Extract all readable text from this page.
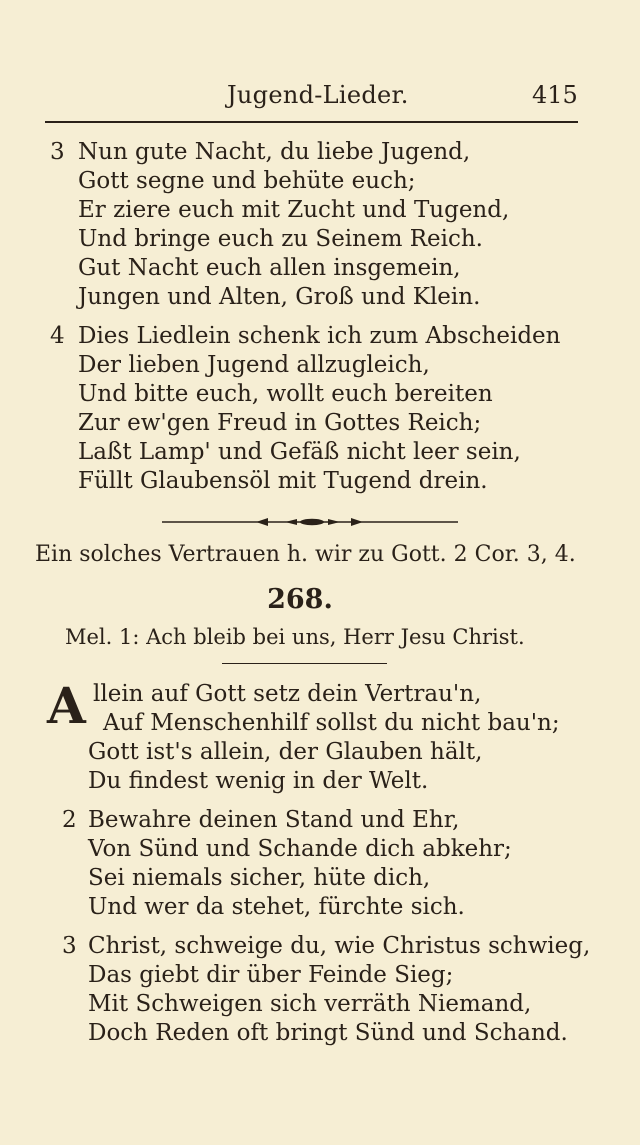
Jugend-Lieder.	415
3 Nun gute Nacht, du liebe Jugend,
Gott segne und behüte euch;
Er ziere euch mit Zucht und Tugend,
Und bringe euch zu Seinem Reich.
Gut Nacht euch allen insgemein,
Jungen und Alten, Groß und Klein.
4 Dies Liedlein schenk ich zum Abscheiden
Der lieben Jugend allzugleich,
Und bitte euch, wollt euch bereiten
Zur ew'gen Freud in Gottes Reich;
Laßt Lamp' und Gefäß nicht leer sein,
Füllt Glaubensöl mit Tugend drein.
Ein solches Vertrauen h. wir zu Gott. 2 Cor. 3, 4.
268.
Mel. 1: Ach bleib bei uns, Herr Jesu Christ.
A llein auf Gott setz dein Vertrau'n,
Auf Menschenhilf sollst du nicht bau'n;
Gott ist's allein, der Glauben hält,
Du findest wenig in der Welt.
2 Bewahre deinen Stand und Ehr,
Von Sünd und Schande dich abkehr;
Sei niemals sicher, hüte dich,
Und wer da stehet, fürchte sich.
3 Christ, schweige du, wie Christus schwieg,
Das giebt dir über Feinde Sieg;
Mit Schweigen sich verräth Niemand,
Doch Reden oft bringt Sünd und Schand.
